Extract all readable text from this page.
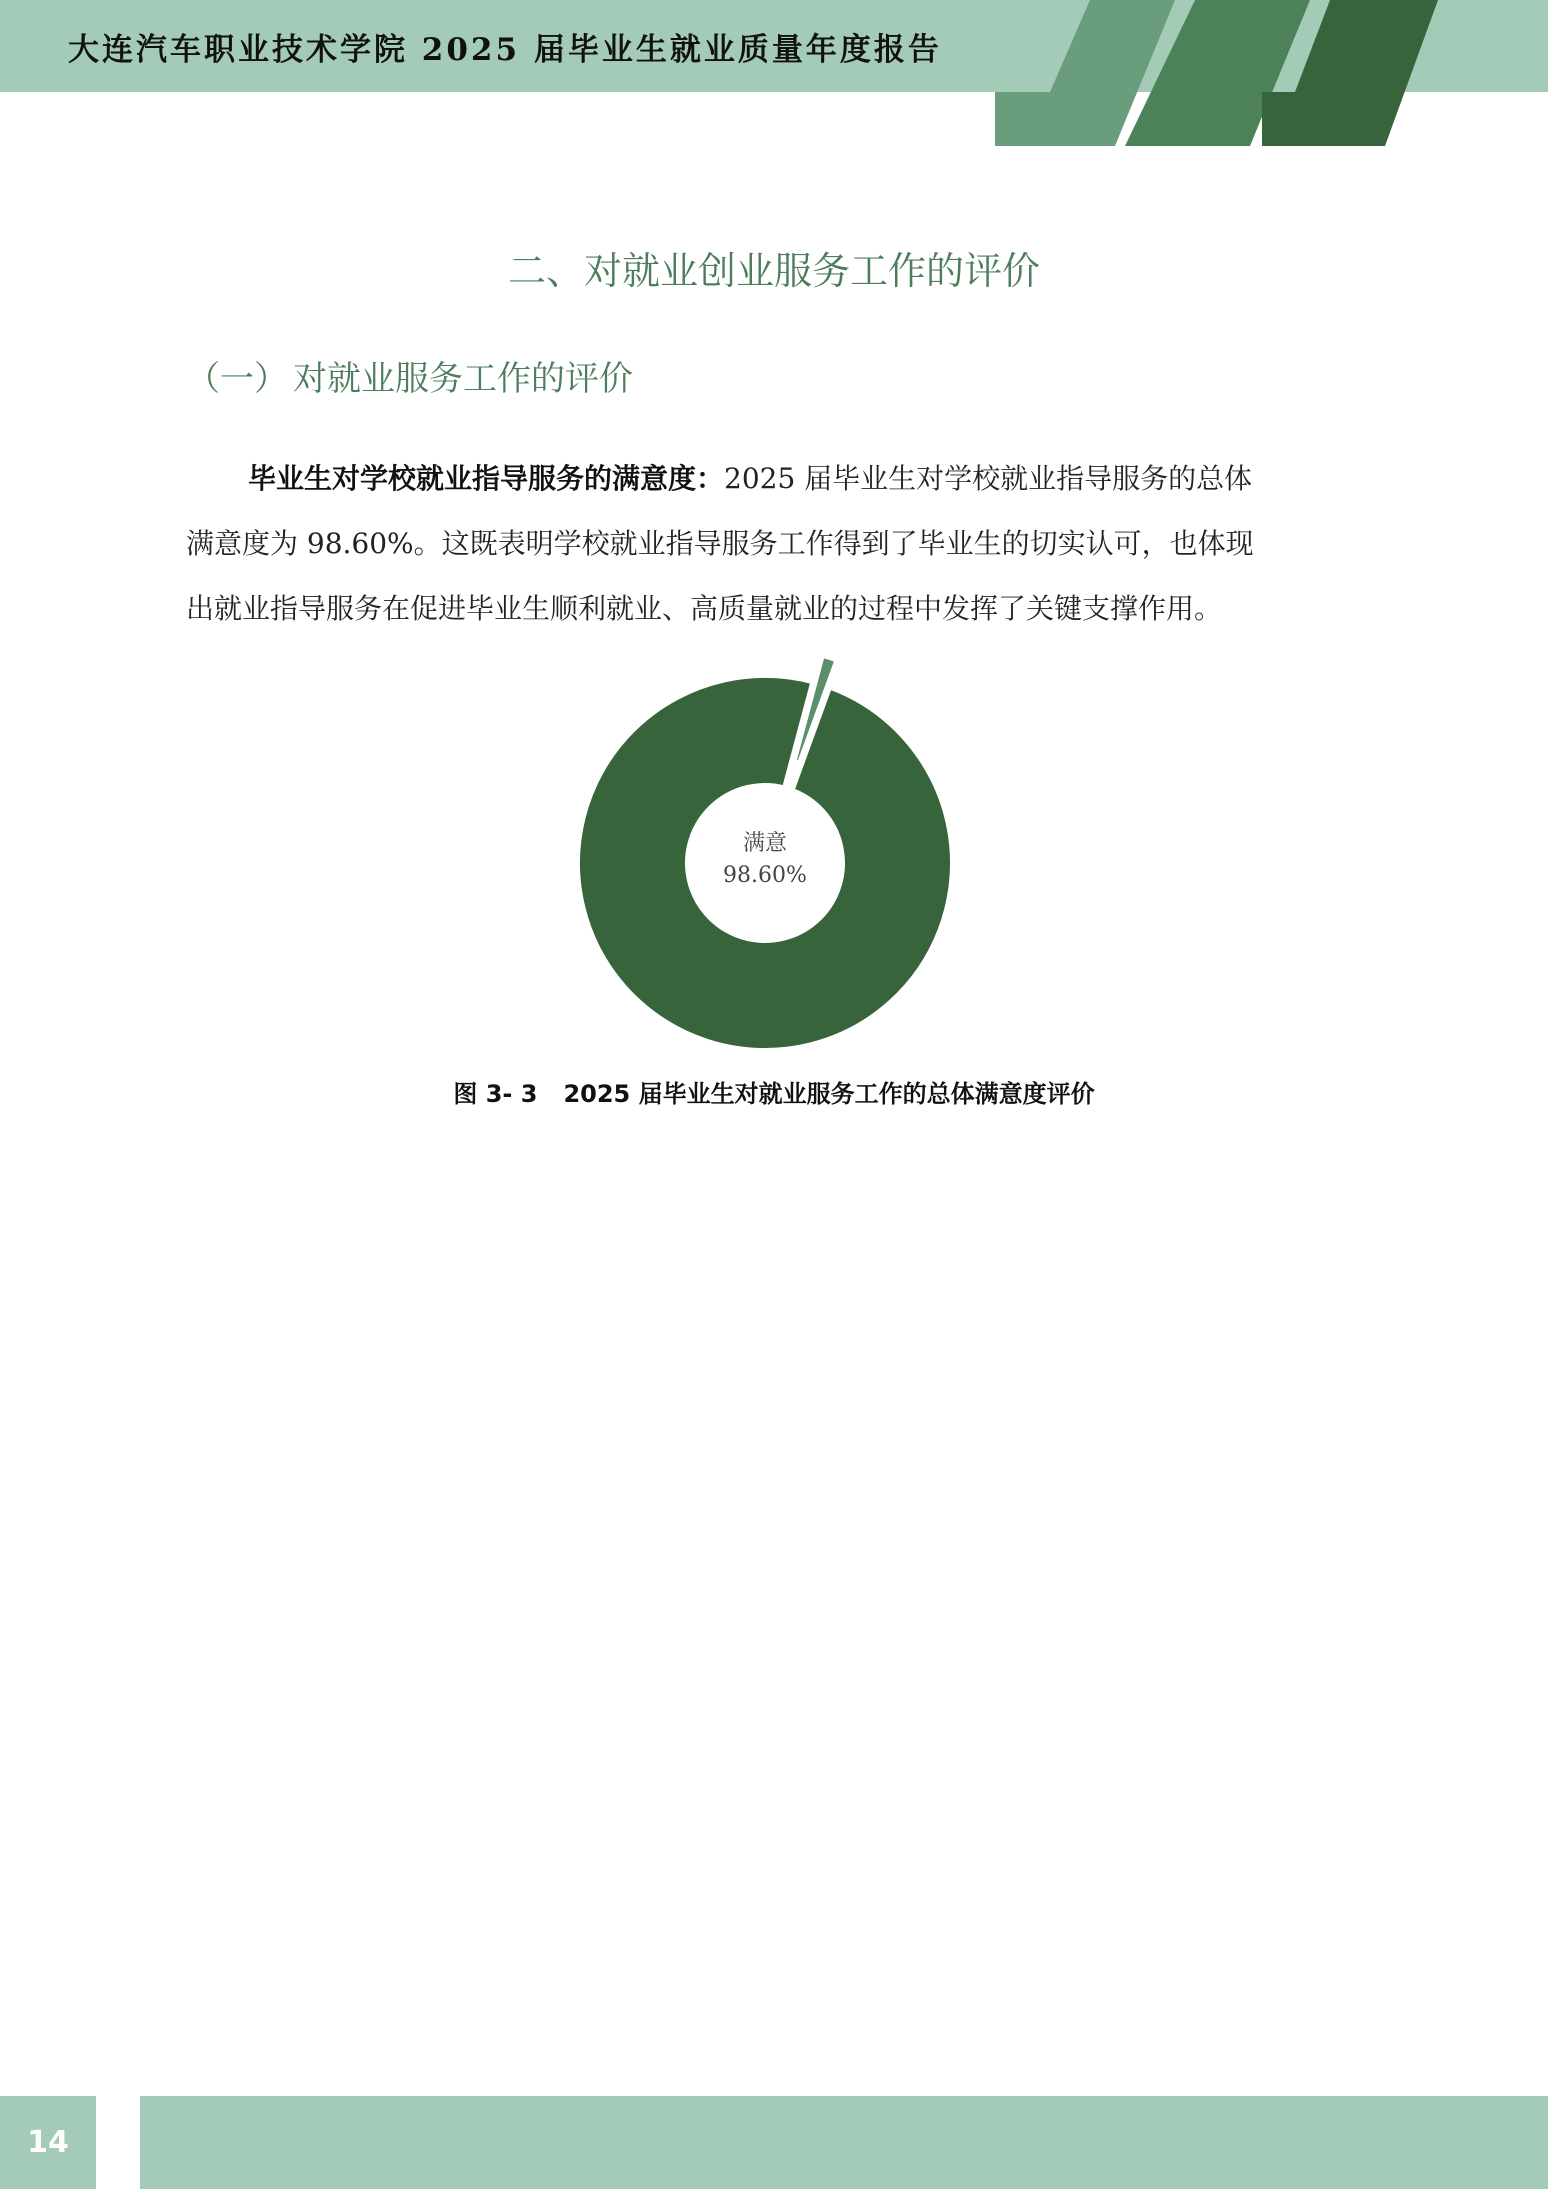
大连汽车职业技术学院 2025 届毕业生就业质量年度报告
二、对就业创业服务工作的评价
（一） 对就业服务工作的评价
毕业生对学校就业指导服务的满意度：2025 届毕业生对学校就业指导服务的总体
满意度为 98.60%。这既表明学校就业指导服务工作得到了毕业生的切实认可，也体现
出就业指导服务在促进毕业生顺利就业、高质量就业的过程中发挥了关键支撑作用。
满意
98.60%
图 3- 3 2025 届毕业生对就业服务工作的总体满意度评价
14
